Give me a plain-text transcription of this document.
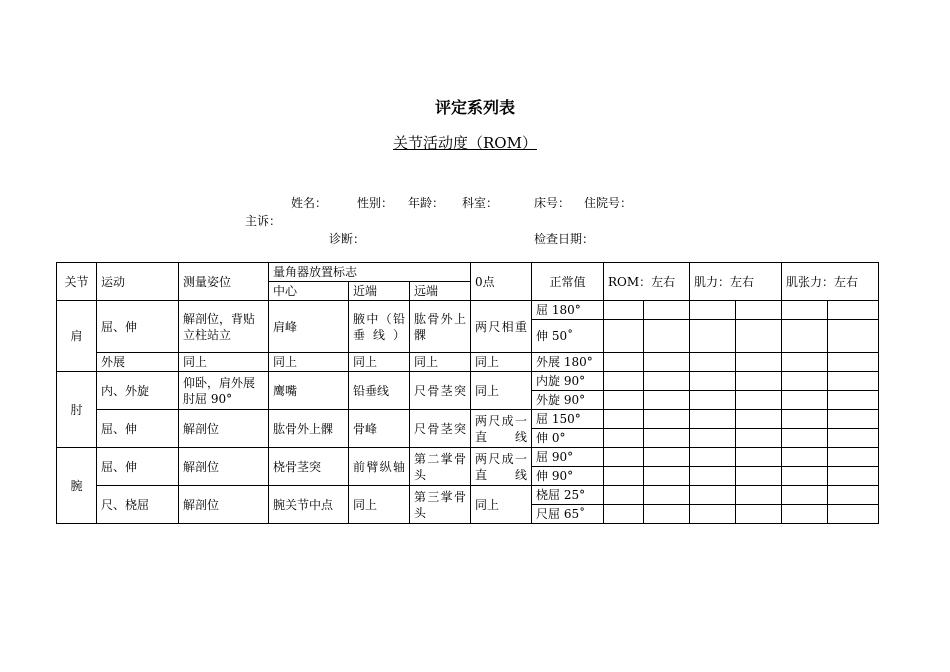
评定系列表
关节活动度（ROM）
姓名： 性别： 年龄： 科室：	床号： 住院号：
主诉：
诊断：	检查日期：
关节	运动	测量姿位	量角器放置标志			0点	正常值	ROM：左右		肌力：左右		肌张力：左右	
			中心	近端	远端								
肩	屈、伸	解剖位，背贴立柱站立	肩峰	腋中（铅垂线）	肱骨外上髁	两尺相重	屈 180°						
							伸 50˚						
	外展	同上	同上	同上	同上	同上	外展 180°						
肘	内、外旋	仰卧，肩外展肘屈 90°	鹰嘴	铅垂线	尺骨茎突	同上	内旋 90°						
							外旋 90°						
	屈、伸	解剖位	肱骨外上髁	骨峰	尺骨茎突	两尺成一直线	屈 150°						
							伸 0°						
腕	屈、伸	解剖位	桡骨茎突	前臂纵轴	第二掌骨头	两尺成一直线	屈 90°						
							伸 90°						
	尺、桡屈	解剖位	腕关节中点	同上	第三掌骨头	同上	桡屈 25°						
							尺屈 65˚						
